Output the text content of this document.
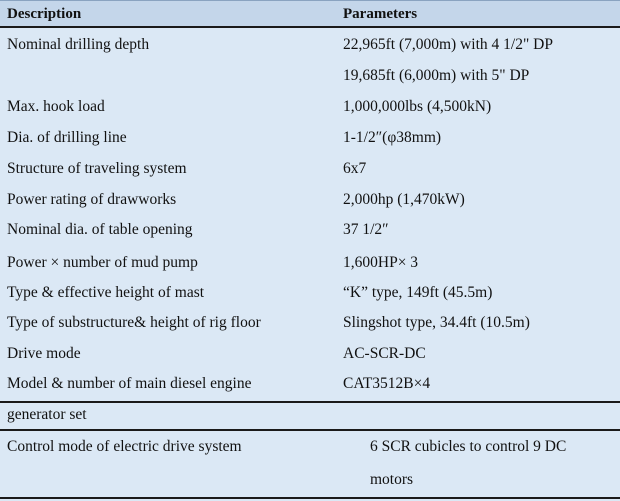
Description	Parameters
Nominal drilling depth	22,965ft (7,000m) with 4 1/2" DP
19,685ft (6,000m) with 5" DP
Max. hook load	1,000,000lbs (4,500kN)
Dia. of drilling line	1-1/2″(φ38mm)
Structure of traveling system	6x7
Power rating of drawworks	2,000hp (1,470kW)
Nominal dia. of table opening	37 1/2″
Power × number of mud pump	1,600HP× 3
Type & effective height of mast	“K” type, 149ft (45.5m)
Type of substructure& height of rig floor	Slingshot type, 34.4ft (10.5m)
Drive mode	AC-SCR-DC
Model & number of main diesel engine	CAT3512B×4
generator set
Control mode of electric drive system	6 SCR cubicles to control 9 DC
motors
